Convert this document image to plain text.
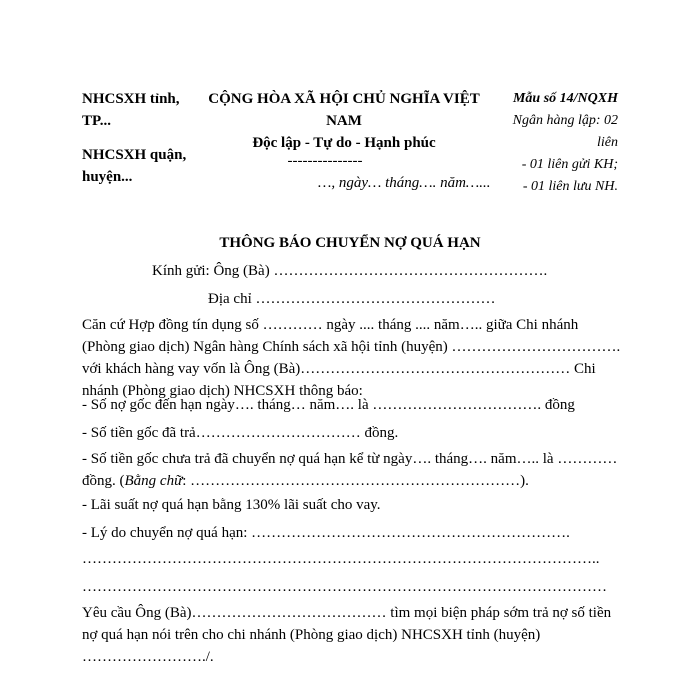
NHCSXH tỉnh,
TP...
NHCSXH quận,
huyện...
CỘNG HÒA XÃ HỘI CHỦ NGHĨA VIỆT
NAM
Độc lập - Tự do - Hạnh phúc
---------------
…, ngày… tháng…. năm…...
Mẫu số 14/NQXH
Ngân hàng lập: 02
liên
- 01 liên gửi KH;
- 01 liên lưu NH.
THÔNG BÁO CHUYỂN NỢ QUÁ HẠN
Kính gửi: Ông (Bà) ……………………………………………….
Địa chỉ …………………………………………
Căn cứ Hợp đồng tín dụng số ………… ngày .... tháng .... năm….. giữa Chi nhánh
(Phòng giao dịch) Ngân hàng Chính sách xã hội tỉnh (huyện) …………………………….
với khách hàng vay vốn là Ông (Bà)……………………………………………… Chi
nhánh (Phòng giao dịch) NHCSXH thông báo:
- Số nợ gốc đến hạn ngày…. tháng… năm…. là ……………………………. đồng
- Số tiền gốc đã trả…………………………… đồng.
- Số tiền gốc chưa trả đã chuyển nợ quá hạn kể từ ngày…. tháng…. năm….. là …………
đồng. (Bằng chữ: …………………………………………………………).
- Lãi suất nợ quá hạn bằng 130% lãi suất cho vay.
- Lý do chuyển nợ quá hạn: ……………………………………………………….
…………………………………………………………………………………………..
……………………………………………………………………………………………
Yêu cầu Ông (Bà)………………………………… tìm mọi biện pháp sớm trả nợ số tiền
nợ quá hạn nói trên cho chi nhánh (Phòng giao dịch) NHCSXH tỉnh (huyện)
……………………./.
